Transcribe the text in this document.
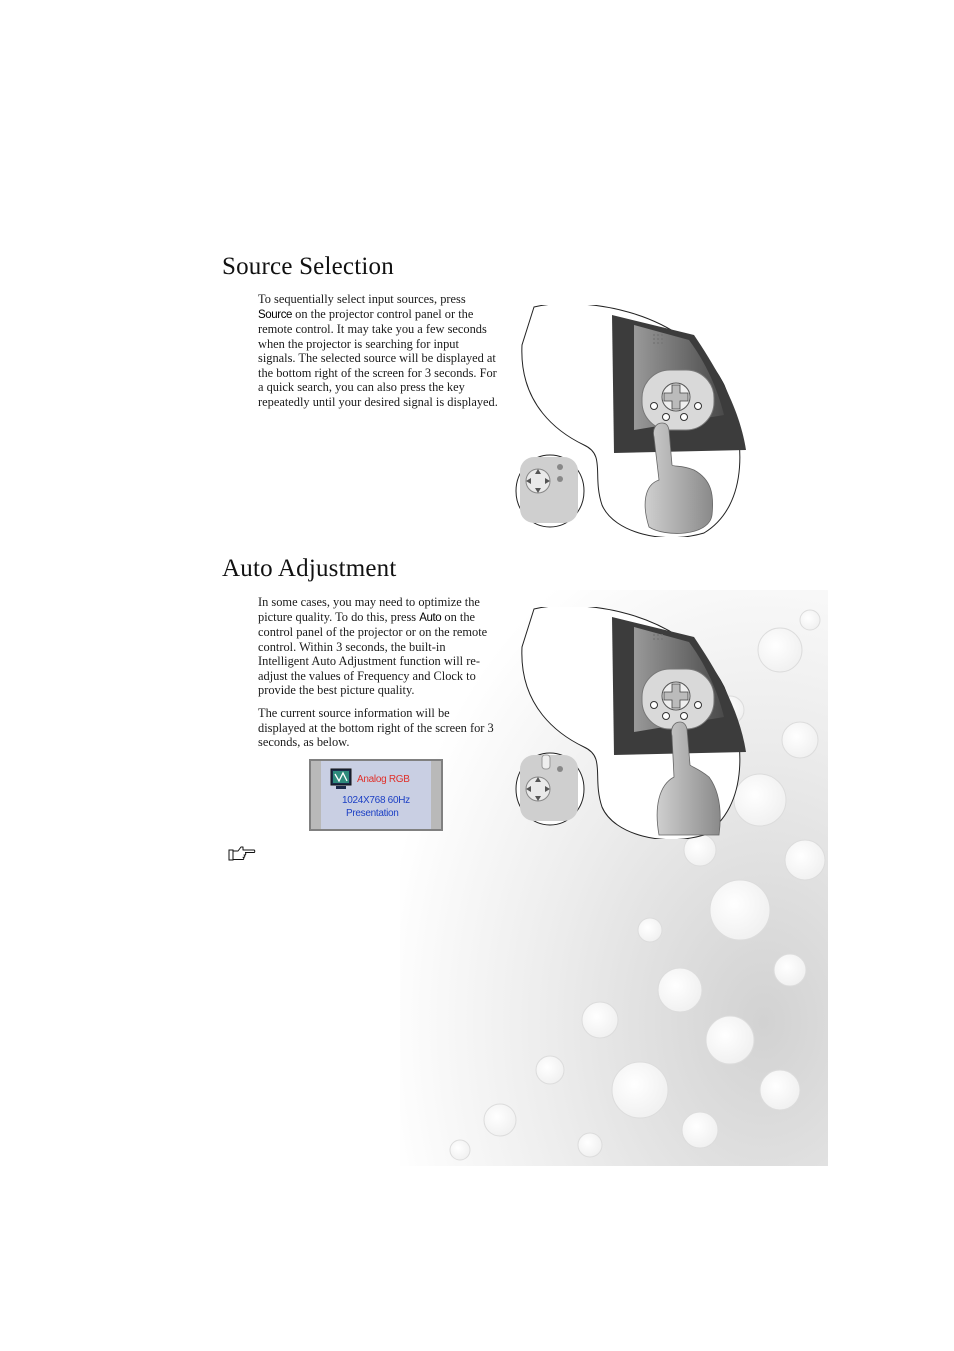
Source Selection

To sequentially select input sources, press Source on the projector control panel or the remote control. It may take you a few seconds when the projector is searching for input signals. The selected source will be displayed at the bottom right of the screen for 3 seconds. For a quick search, you can also press the key repeatedly until your desired signal is displayed.

Auto Adjustment

In some cases, you may need to optimize the picture quality. To do this, press Auto on the control panel of the projector or on the remote control. Within 3 seconds, the built-in Intelligent Auto Adjustment function will re-adjust the values of Frequency and Clock to provide the best picture quality.

The current source information will be displayed at the bottom right of the screen for 3 seconds, as below.

Analog RGB
1024X768 60Hz
Presentation
